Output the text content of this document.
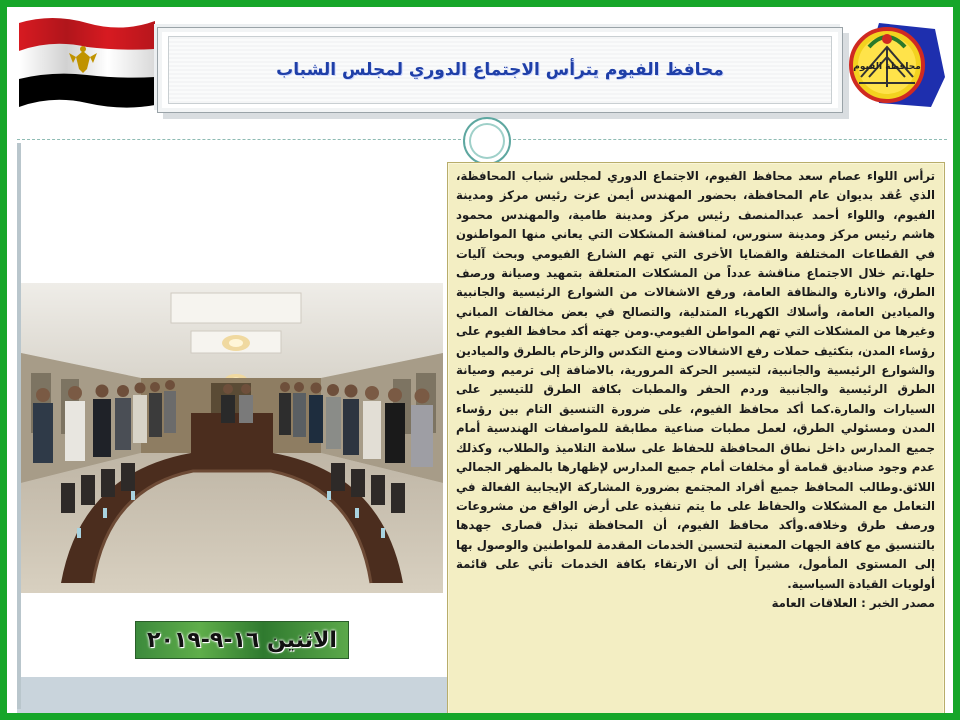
محافظة الفيوم
محافظ الفيوم يترأس الاجتماع الدوري لمجلس الشباب
الاثنين ١٦-٩-٢٠١٩
ترأس اللواء عصام سعد محافظ الفيوم، الاجتماع الدوري لمجلس شباب المحافظة، الذي عُقد بديوان عام المحافظة، بحضور المهندس أيمن عزت رئيس مركز ومدينة الفيوم، واللواء أحمد عبدالمنصف رئيس مركز ومدينة طامية، والمهندس محمود هاشم رئيس مركز ومدينة سنورس، لمناقشة المشكلات التي يعاني منها المواطنون في القطاعات المختلفة والقضايا الأخرى التي تهم الشارع الفيومي وبحث آليات حلها.تم خلال الاجتماع مناقشة عدداً من المشكلات المتعلقة بتمهيد وصيانة ورصف الطرق، والانارة والنظافة العامة، ورفع الاشغالات من الشوارع الرئيسية والجانبية والميادين العامة، وأسلاك الكهرباء المتدلية، والتصالح في بعض مخالفات المباني وغيرها من المشكلات التي تهم المواطن الفيومي.ومن جهته أكد محافظ الفيوم على رؤساء المدن، بتكثيف حملات رفع الاشغالات ومنع التكدس والزحام بالطرق والميادين والشوارع الرئيسية والجانبية، لتيسير الحركة المرورية، بالاضافة إلى ترميم وصيانة الطرق الرئيسية والجانبية وردم الحفر والمطبات بكافة الطرق للتيسير على السيارات والمارة.كما أكد محافظ الفيوم، على ضرورة التنسيق التام بين رؤساء المدن ومسئولي الطرق، لعمل مطبات صناعية مطابقة للمواصفات الهندسية أمام جميع المدارس داخل نطاق المحافظة للحفاظ على سلامة التلاميذ والطلاب، وكذلك عدم وجود صناديق قمامة أو مخلفات أمام جميع المدارس لإظهارها بالمظهر الجمالي اللائق.وطالب المحافظ جميع أفراد المجتمع بضرورة المشاركة الإيجابية الفعالة في التعامل مع المشكلات والحفاظ على ما يتم تنفيذه على أرض الواقع من مشروعات ورصف طرق وخلافه.وأكد محافظ الفيوم، أن المحافظة تبذل قصارى جهدها بالتنسيق مع كافة الجهات المعنية لتحسين الخدمات المقدمة للمواطنين والوصول بها إلى المستوى المأمول، مشيراً إلى أن الارتقاء بكافة الخدمات تأتي على قائمة أولويات القيادة السياسية.
مصدر الخبر : العلاقات العامة
